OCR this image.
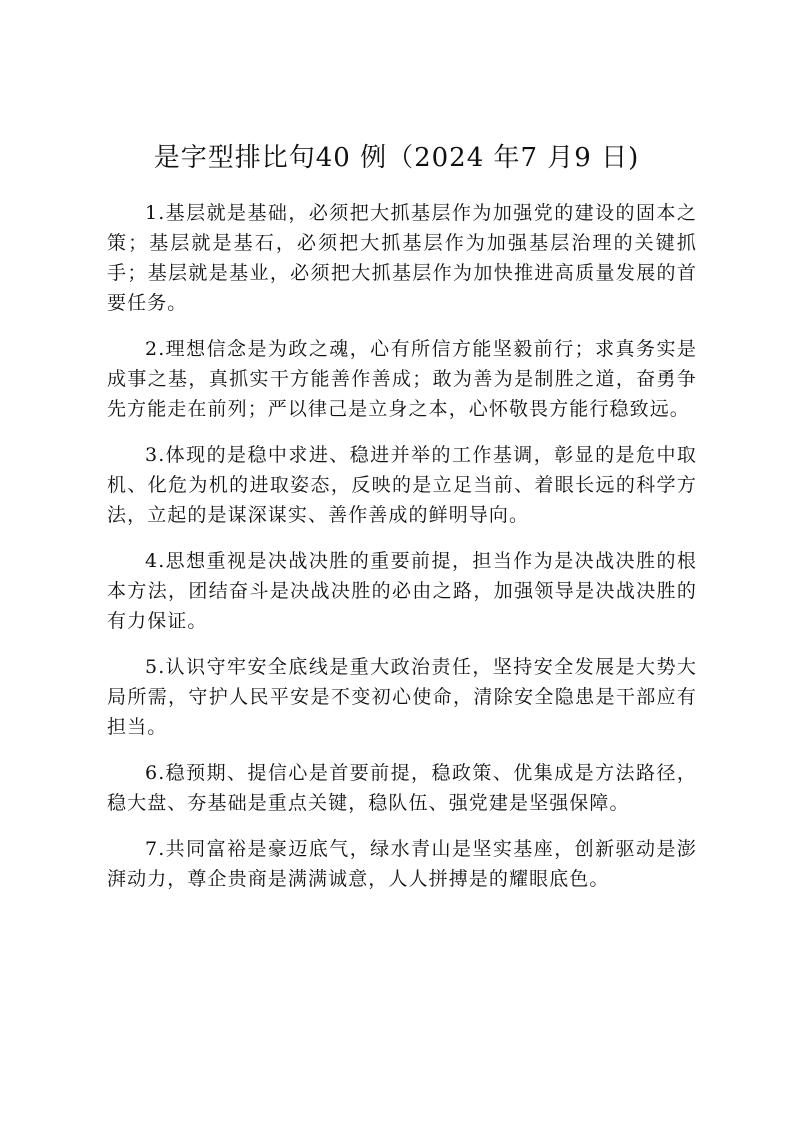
是字型排比句40 例（2024 年7 月9 日)

1.基层就是基础，必须把大抓基层作为加强党的建设的固本之策；基层就是基石，必须把大抓基层作为加强基层治理的关键抓手；基层就是基业，必须把大抓基层作为加快推进高质量发展的首要任务。

2.理想信念是为政之魂，心有所信方能坚毅前行；求真务实是成事之基，真抓实干方能善作善成；敢为善为是制胜之道，奋勇争先方能走在前列；严以律己是立身之本，心怀敬畏方能行稳致远。

3.体现的是稳中求进、稳进并举的工作基调，彰显的是危中取机、化危为机的进取姿态，反映的是立足当前、着眼长远的科学方法，立起的是谋深谋实、善作善成的鲜明导向。

4.思想重视是决战决胜的重要前提，担当作为是决战决胜的根本方法，团结奋斗是决战决胜的必由之路，加强领导是决战决胜的有力保证。

5.认识守牢安全底线是重大政治责任，坚持安全发展是大势大局所需，守护人民平安是不变初心使命，清除安全隐患是干部应有担当。

6.稳预期、提信心是首要前提，稳政策、优集成是方法路径，稳大盘、夯基础是重点关键，稳队伍、强党建是坚强保障。

7.共同富裕是豪迈底气，绿水青山是坚实基座，创新驱动是澎湃动力，尊企贵商是满满诚意，人人拼搏是的耀眼底色。
